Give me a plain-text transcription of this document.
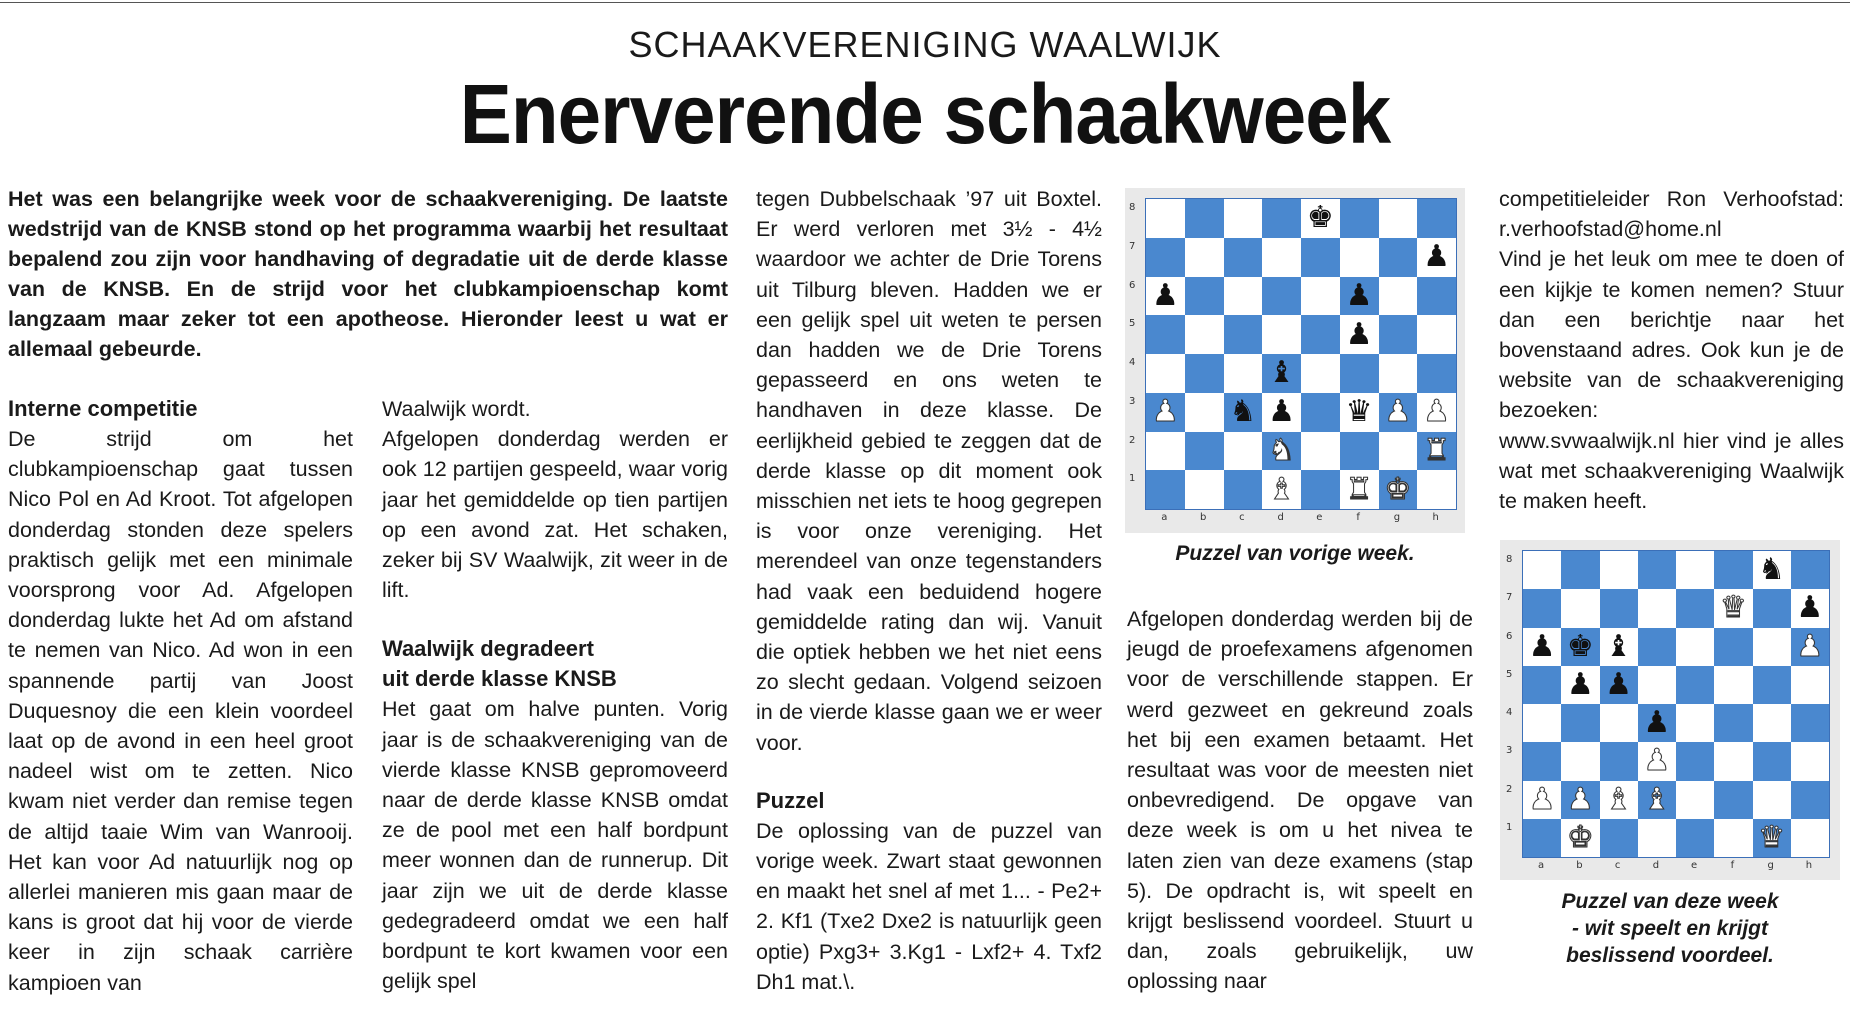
SCHAAKVERENIGING WAALWIJK
Enerverende schaakweek
Het was een belangrijke week voor de schaakvereniging. De laatste wedstrijd van de KNSB stond op het programma waarbij het resultaat bepalend zou zijn voor handhaving of degradatie uit de derde klasse van de KNSB. En de strijd voor het clubkampioenschap komt langzaam maar zeker tot een apotheose. Hieronder leest u wat er allemaal gebeurde.
Interne competitie

De strijd om het clubkampioenschap gaat tussen Nico Pol en Ad Kroot. Tot afgelopen donderdag stonden deze spelers praktisch gelijk met een minimale voorsprong voor Ad. Afgelopen donderdag lukte het Ad om afstand te nemen van Nico. Ad won in een spannende partij van Joost Duquesnoy die een klein voordeel laat op de avond in een heel groot nadeel wist om te zetten. Nico kwam niet verder dan remise tegen de altijd taaie Wim van Wanrooij. Het kan voor Ad natuurlijk nog op allerlei manieren mis gaan maar de kans is groot dat hij voor de vierde keer in zijn schaak carrière kampioen van

Waalwijk wordt.

Afgelopen donderdag werden er ook 12 partijen gespeeld, waar vorig jaar het gemiddelde op tien partijen op een avond zat. Het schaken, zeker bij SV Waalwijk, zit weer in de lift.

Waalwijk degradeert
uit derde klasse KNSB

Het gaat om halve punten. Vorig jaar is de schaakvereniging van de vierde klasse KNSB gepromoveerd naar de derde klasse KNSB omdat ze de pool met een half bordpunt meer wonnen dan de runnerup. Dit jaar zijn we uit de derde klasse gedegradeerd omdat we een half bordpunt te kort kwamen voor een gelijk spel

tegen Dubbelschaak ’97 uit Boxtel. Er werd verloren met 3½ - 4½ waardoor we achter de Drie Torens uit Tilburg bleven. Hadden we er een gelijk spel uit weten te persen dan hadden we de Drie Torens gepasseerd en ons weten te handhaven in deze klasse. De eerlijkheid gebied te zeggen dat de derde klasse op dit moment ook misschien net iets te hoog gegrepen is voor onze vereniging. Het merendeel van onze tegenstanders had vaak een beduidend hogere gemiddelde rating dan wij. Vanuit die optiek hebben we het niet eens zo slecht gedaan. Volgend seizoen in de vierde klasse gaan we er weer voor.

Puzzel

De oplossing van de puzzel van vorige week. Zwart staat gewonnen en maakt het snel af met 1... - Pe2+ 2. Kf1 (Txe2 Dxe2 is natuurlijk geen optie) Pxg3+ 3.Kg1 - Lxf2+ 4. Txf2 Dh1 mat.\.

8
7
6
5
4
3
2
1
♚
♟
♟	♟
♟
♝
♟ ♞ ♟ ♛ ♟ ♟
♞	♜
♝ ♜ ♚
a	b	c	d	e	f	g	h
Puzzel van vorige week.

Afgelopen donderdag werden bij de jeugd de proefexamens afgenomen voor de verschillende stappen. Er werd gezweet en gekreund zoals het bij een examen betaamt. Het resultaat was voor de meesten niet onbevredigend. De opgave van deze week is om u het nivea te laten zien van deze examens (stap 5). De opdracht is, wit speelt en krijgt beslissend voordeel. Stuurt u dan, zoals gebruikelijk, uw oplossing naar

competitieleider Ron Verhoofstad: r.verhoofstad@home.nl

Vind je het leuk om mee te doen of een kijkje te komen nemen? Stuur dan een berichtje naar het bovenstaand adres. Ook kun je de website van de schaakvereniging bezoeken:

www.svwaalwijk.nl hier vind je alles wat met schaakvereniging Waalwijk te maken heeft.

8
7
6
5
4
3
2
1
♞
♛ ♟
♟ ♚ ♝	♟
♟ ♟
♟
♟
♟ ♟ ♝ ♝
♚	♛
a	b	c	d	e	f	g	h
Puzzel van deze week
- wit speelt en krijgt
beslissend voordeel.
